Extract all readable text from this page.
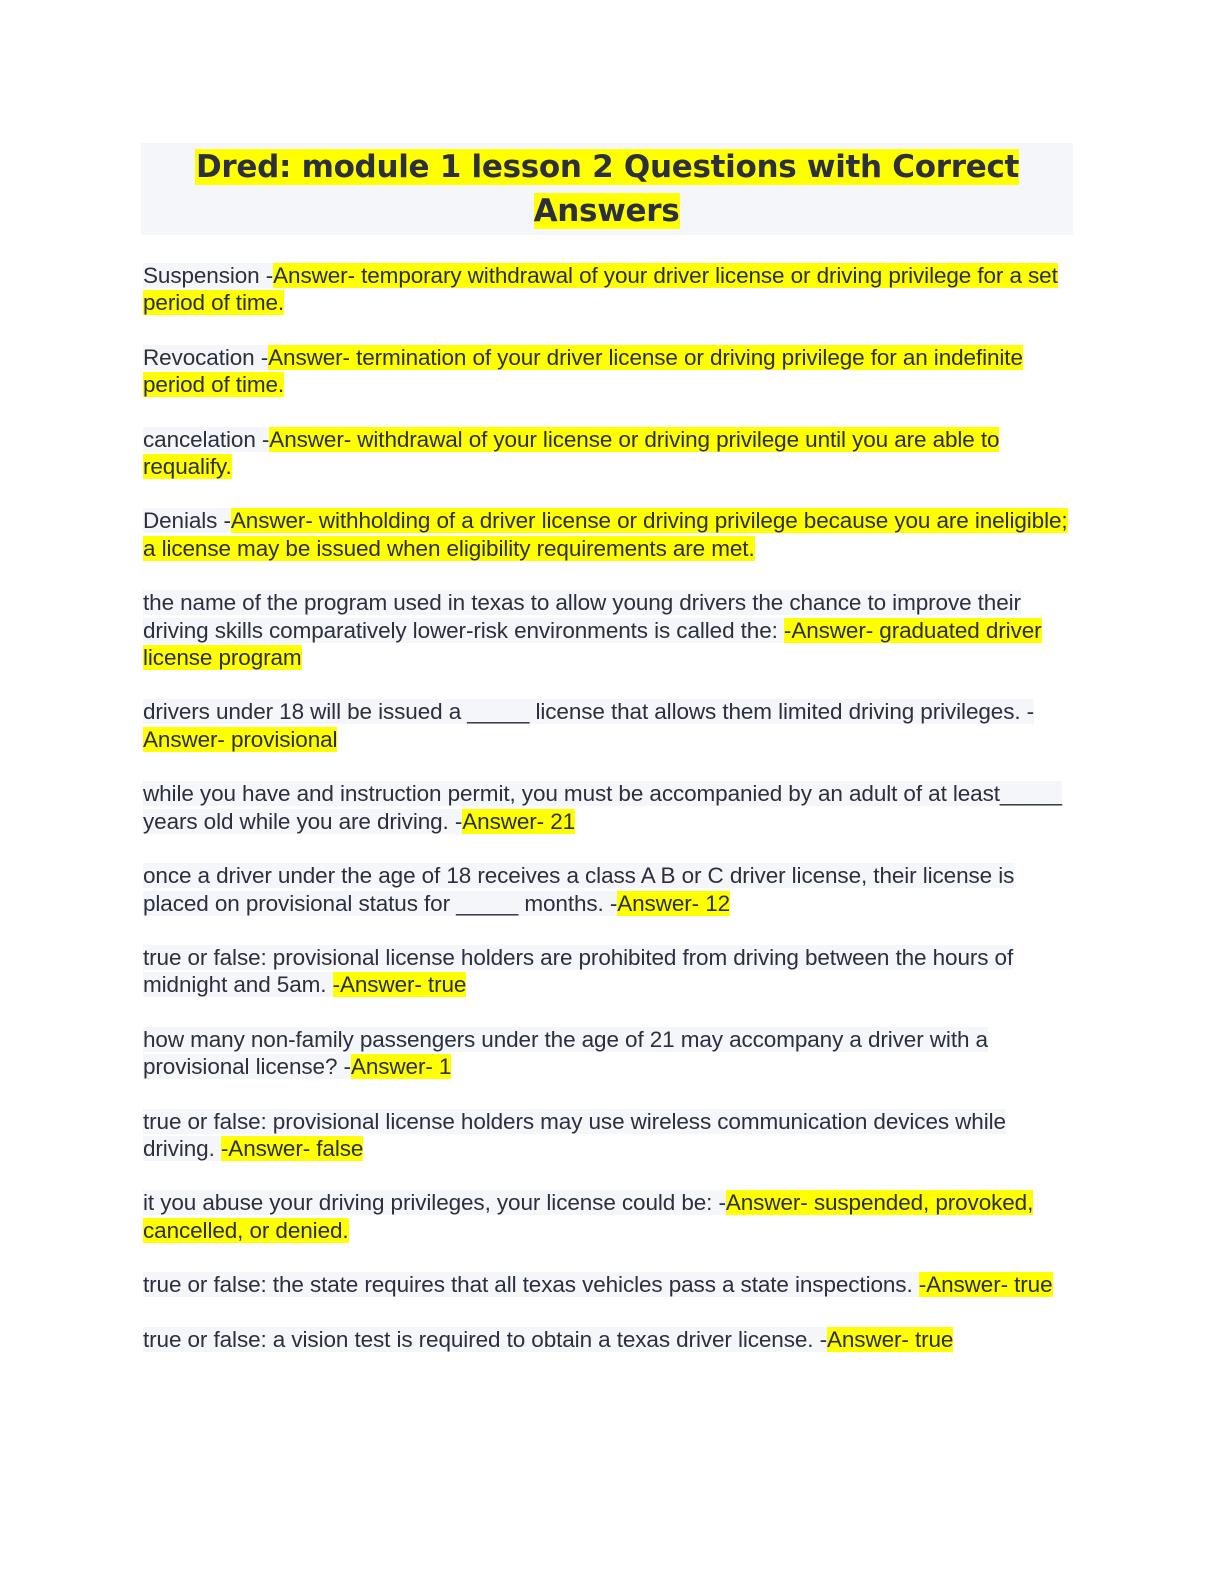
Dred: module 1 lesson 2 Questions with Correct Answers

Suspension -Answer- temporary withdrawal of your driver license or driving privilege for a set period of time.

Revocation -Answer- termination of your driver license or driving privilege for an indefinite period of time.

cancelation -Answer- withdrawal of your license or driving privilege until you are able to requalify.

Denials -Answer- withholding of a driver license or driving privilege because you are ineligible; a license may be issued when eligibility requirements are met.

the name of the program used in texas to allow young drivers the chance to improve their driving skills comparatively lower-risk environments is called the: -Answer- graduated driver license program

drivers under 18 will be issued a _____ license that allows them limited driving privileges. -Answer- provisional

while you have and instruction permit, you must be accompanied by an adult of at least_____ years old while you are driving. -Answer- 21

once a driver under the age of 18 receives a class A B or C driver license, their license is placed on provisional status for _____ months. -Answer- 12

true or false: provisional license holders are prohibited from driving between the hours of midnight and 5am. -Answer- true

how many non-family passengers under the age of 21 may accompany a driver with a provisional license? -Answer- 1

true or false: provisional license holders may use wireless communication devices while driving. -Answer- false

it you abuse your driving privileges, your license could be: -Answer- suspended, provoked, cancelled, or denied.

true or false: the state requires that all texas vehicles pass a state inspections. -Answer- true

true or false: a vision test is required to obtain a texas driver license. -Answer- true
